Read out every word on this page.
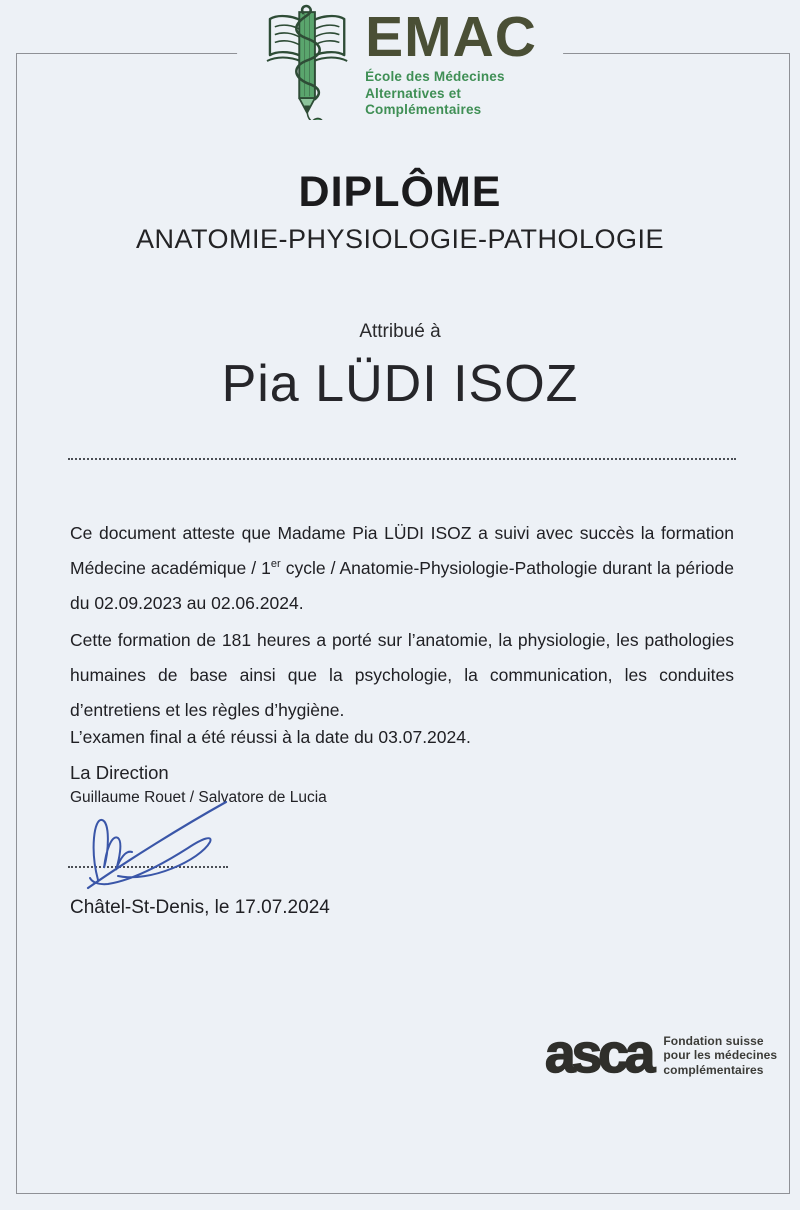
EMAC
École des Médecines
Alternatives et
Complémentaires
DIPLÔME
ANATOMIE-PHYSIOLOGIE-PATHOLOGIE
Attribué à
Pia LÜDI ISOZ

Ce document atteste que Madame Pia LÜDI ISOZ a suivi avec succès la formation Médecine académique / 1er cycle / Anatomie-Physiologie-Pathologie durant la période du 02.09.2023 au 02.06.2024.

Cette formation de 181 heures a porté sur l’anatomie, la physiologie, les pathologies humaines de base ainsi que la psychologie, la communication, les conduites d’entretiens et les règles d’hygiène.

L’examen final a été réussi à la date du 03.07.2024.

La Direction
Guillaume Rouet / Salvatore de Lucia
Châtel-St-Denis, le 17.07.2024
asca Fondation suisse
pour les médecines
complémentaires
